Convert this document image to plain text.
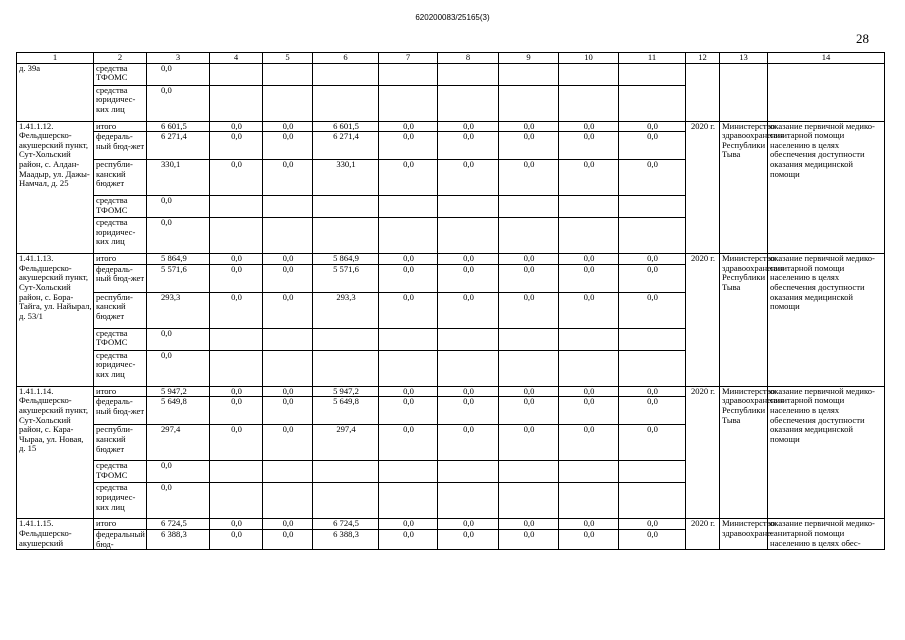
620200083/25165(3)
28
1	2	3	4	5	6	7	8	9	10	11	12	13	14
д. 39а	средства ТФОМС	0,0											
	средства юридичес-ких лиц	0,0											
1.41.1.12. Фельдшерско-акушерский пункт, Сут-Хольский район, с. Алдан-Маадыр, ул. Дажы-Намчал, д. 25	итого	6 601,5	0,0	0,0	6 601,5	0,0	0,0	0,0	0,0	0,0	2020 г.	Министерство здравоохранения Республики Тыва	оказание первичной медико-санитарной помощи населению в целях обеспечения доступности оказания медицинской помощи
	федераль-ный бюд-жет	6 271,4	0,0	0,0	6 271,4	0,0	0,0	0,0	0,0	0,0			
	республи-канский бюджет	330,1	0,0	0,0	330,1	0,0	0,0	0,0	0,0	0,0			
	средства ТФОМС	0,0											
	средства юридичес-ких лиц	0,0											
1.41.1.13. Фельдшерско-акушерский пункт, Сут-Хольский район, с. Бора-Тайга, ул. Найырал, д. 53/1	итого	5 864,9	0,0	0,0	5 864,9	0,0	0,0	0,0	0,0	0,0	2020 г.	Министерство здравоохранения Республики Тыва	оказание первичной медико-санитарной помощи населению в целях обеспечения доступности оказания медицинской помощи
	федераль-ный бюд-жет	5 571,6	0,0	0,0	5 571,6	0,0	0,0	0,0	0,0	0,0			
	республи-канский бюджет	293,3	0,0	0,0	293,3	0,0	0,0	0,0	0,0	0,0			
	средства ТФОМС	0,0											
	средства юридичес-ких лиц	0,0											
1.41.1.14. Фельдшерско-акушерский пункт, Сут-Хольский район, с. Кара-Чыраа, ул. Новая, д. 15	итого	5 947,2	0,0	0,0	5 947,2	0,0	0,0	0,0	0,0	0,0	2020 г.	Министерство здравоохранения Республики Тыва	оказание первичной медико-санитарной помощи населению в целях обеспечения доступности оказания медицинской помощи
	федераль-ный бюд-жет	5 649,8	0,0	0,0	5 649,8	0,0	0,0	0,0	0,0	0,0			
	республи-канский бюджет	297,4	0,0	0,0	297,4	0,0	0,0	0,0	0,0	0,0			
	средства ТФОМС	0,0											
	средства юридичес-ких лиц	0,0											
1.41.1.15. Фельдшерско-акушерский	итого	6 724,5	0,0	0,0	6 724,5	0,0	0,0	0,0	0,0	0,0	2020 г.	Министерство здравоохране-	оказание первичной медико-санитарной помощи населению в целях обес-
	федеральный бюд-	6 388,3	0,0	0,0	6 388,3	0,0	0,0	0,0	0,0	0,0			
